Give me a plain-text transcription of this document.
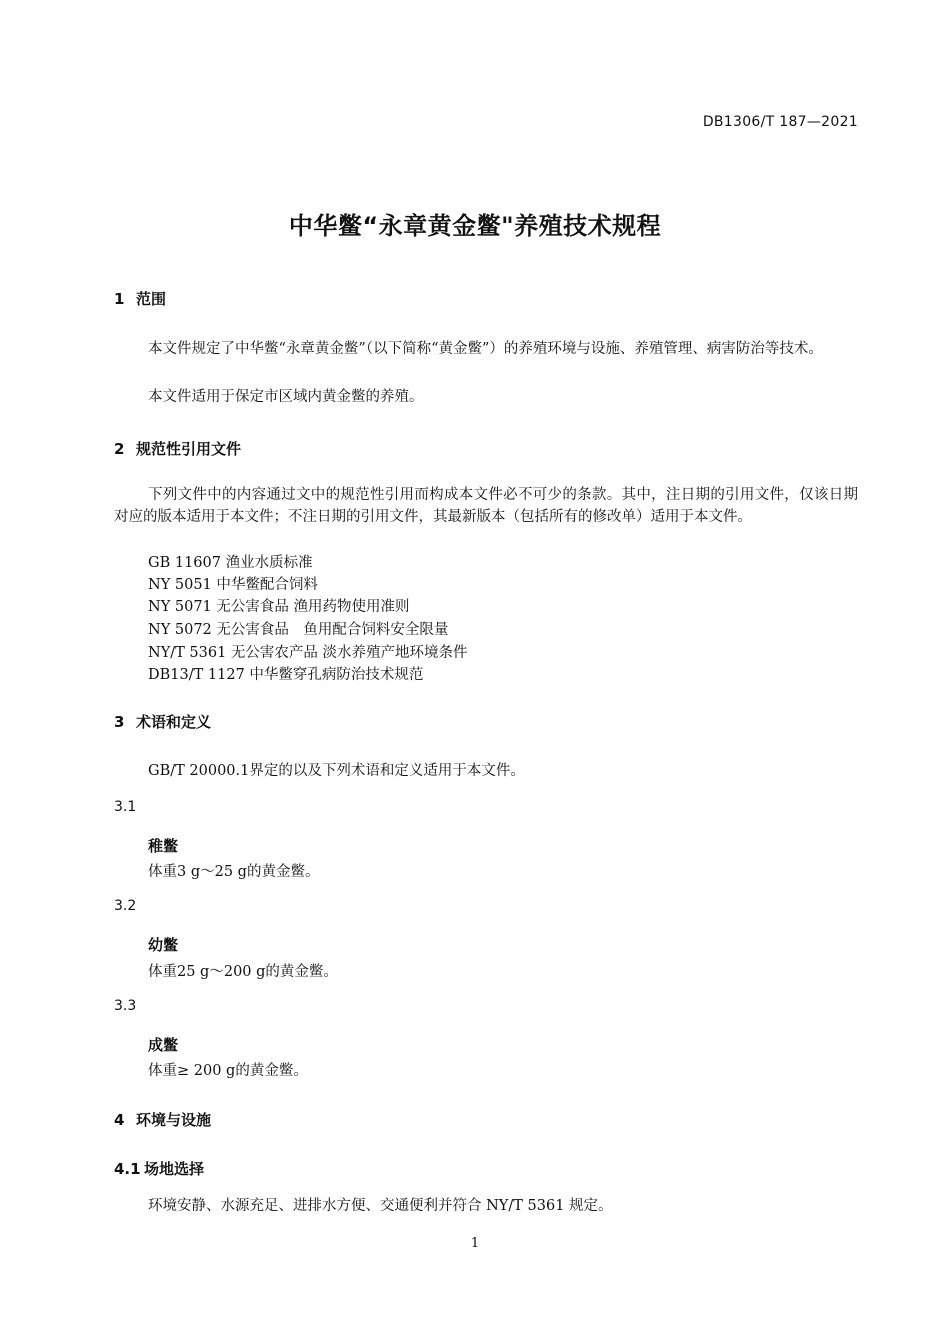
DB1306/T 187—2021
中华鳖“永章黄金鳖"养殖技术规程
1 范围
本文件规定了中华鳖“永章黄金鳖”（以下简称“黄金鳖”）的养殖环境与设施、养殖管理、病害防治等技术。
本文件适用于保定市区域内黄金鳖的养殖。
2 规范性引用文件
下列文件中的内容通过文中的规范性引用而构成本文件必不可少的条款。其中，注日期的引用文件，仅该日期对应的版本适用于本文件；不注日期的引用文件，其最新版本（包括所有的修改单）适用于本文件。
GB 11607 渔业水质标准
NY 5051 中华鳖配合饲料
NY 5071 无公害食品 渔用药物使用准则
NY 5072 无公害食品　鱼用配合饲料安全限量
NY/T 5361 无公害农产品 淡水养殖产地环境条件
DB13/T 1127 中华鳖穿孔病防治技术规范
3 术语和定义
GB/T 20000.1界定的以及下列术语和定义适用于本文件。
3.1
稚鳖
体重3 g～25 g的黄金鳖。
3.2
幼鳖
体重25 g～200 g的黄金鳖。
3.3
成鳖
体重≥ 200 g的黄金鳖。
4 环境与设施
4.1 场地选择
环境安静、水源充足、进排水方便、交通便利并符合 NY/T 5361 规定。
1
